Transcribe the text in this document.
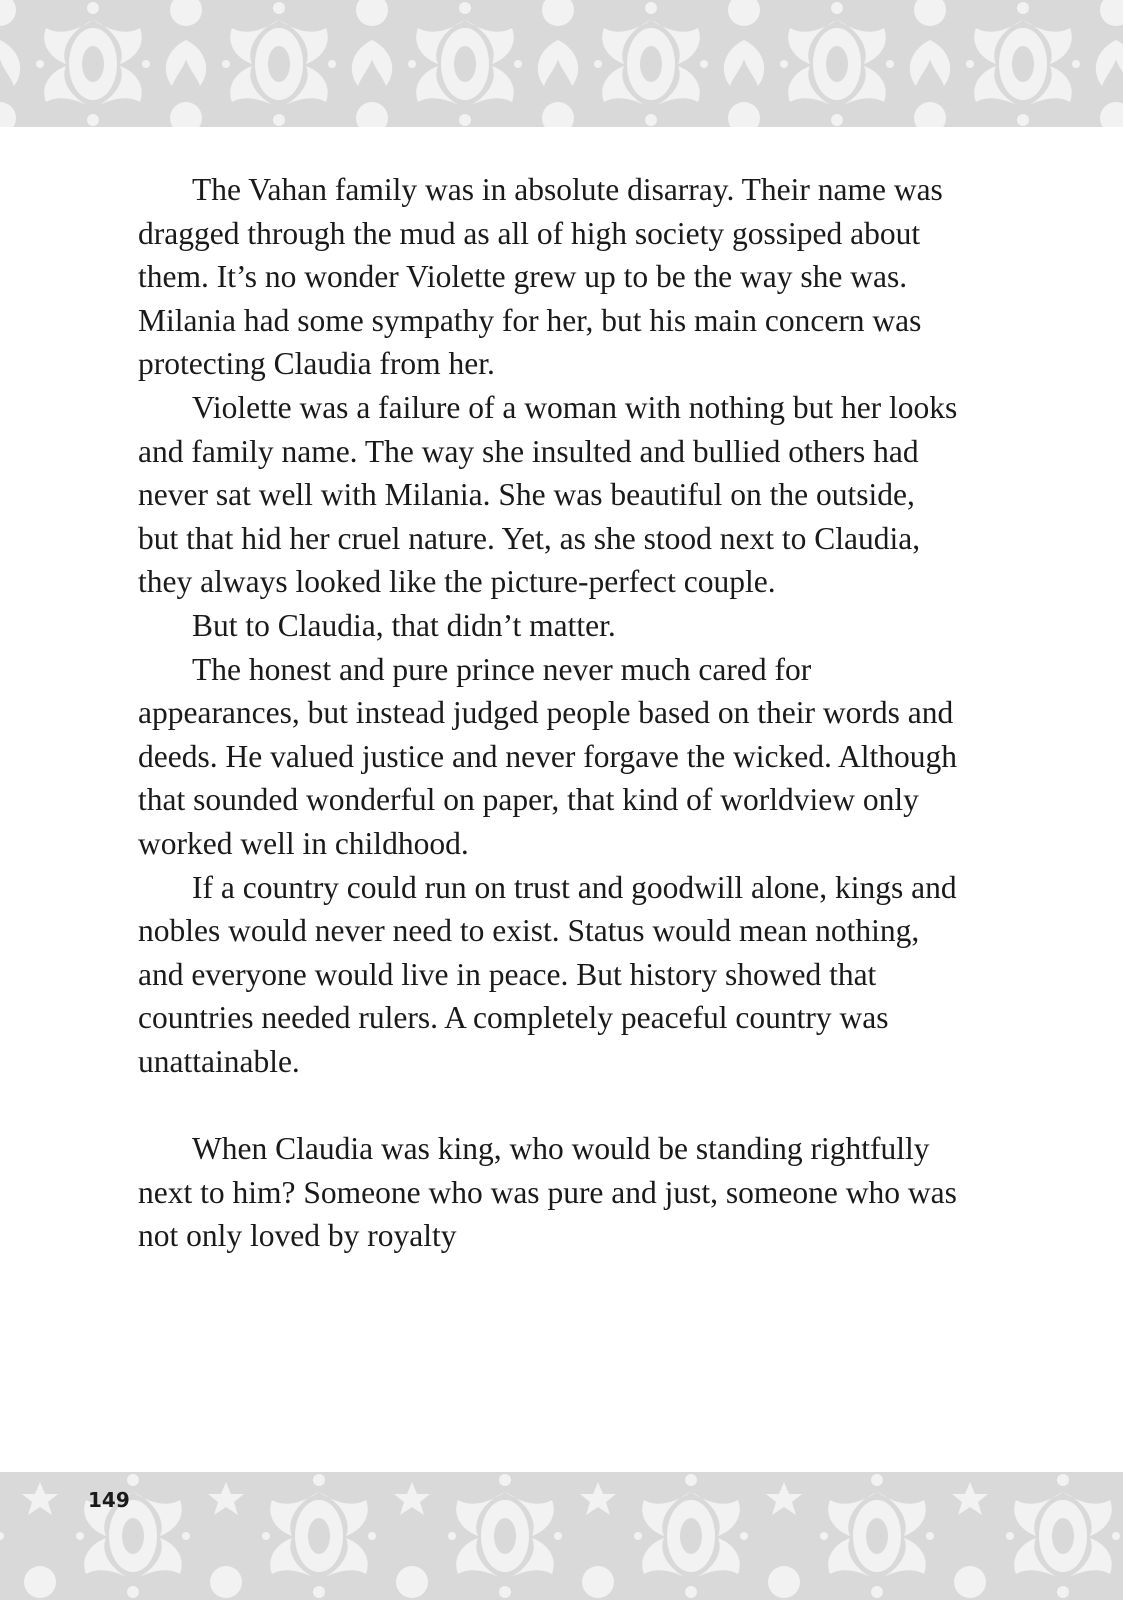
The Vahan family was in absolute disarray. Their name was dragged through the mud as all of high society gossiped about them. It’s no wonder Violette grew up to be the way she was. Milania had some sympathy for her, but his main concern was protecting Claudia from her.

Violette was a failure of a woman with nothing but her looks and family name. The way she insulted and bullied others had never sat well with Milania. She was beautiful on the outside, but that hid her cruel nature. Yet, as she stood next to Claudia, they always looked like the picture-perfect couple.

But to Claudia, that didn’t matter.

The honest and pure prince never much cared for appearances, but instead judged people based on their words and deeds. He valued justice and never forgave the wicked. Although that sounded wonderful on paper, that kind of worldview only worked well in childhood.

If a country could run on trust and goodwill alone, kings and nobles would never need to exist. Status would mean nothing, and everyone would live in peace. But history showed that countries needed rulers. A completely peaceful country was unattainable.

When Claudia was king, who would be standing rightfully next to him? Someone who was pure and just, someone who was not only loved by royalty

149
